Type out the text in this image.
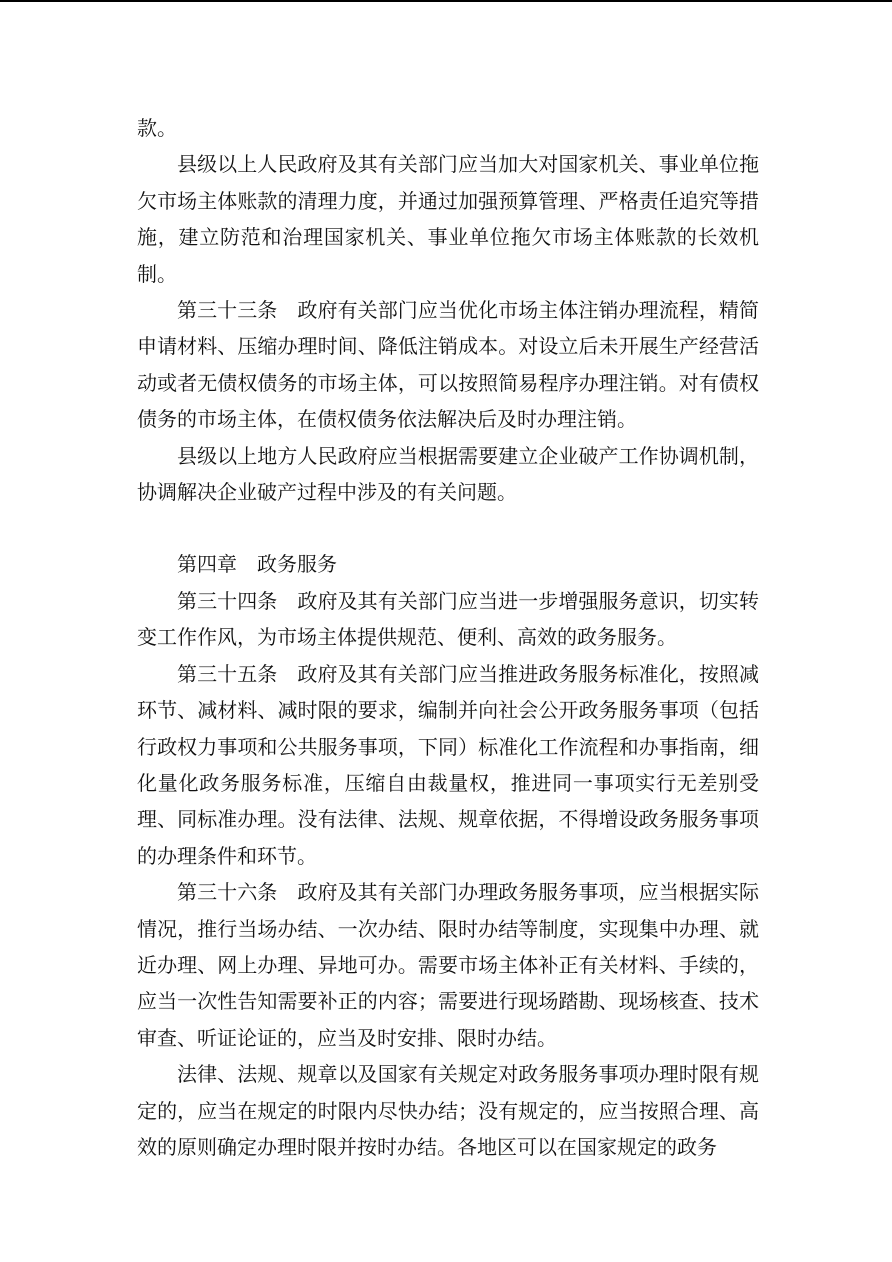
款。

县级以上人民政府及其有关部门应当加大对国家机关、事业单位拖欠市场主体账款的清理力度，并通过加强预算管理、严格责任追究等措施，建立防范和治理国家机关、事业单位拖欠市场主体账款的长效机制。

第三十三条　政府有关部门应当优化市场主体注销办理流程，精简申请材料、压缩办理时间、降低注销成本。对设立后未开展生产经营活动或者无债权债务的市场主体，可以按照简易程序办理注销。对有债权债务的市场主体，在债权债务依法解决后及时办理注销。

县级以上地方人民政府应当根据需要建立企业破产工作协调机制，协调解决企业破产过程中涉及的有关问题。

第四章　政务服务

第三十四条　政府及其有关部门应当进一步增强服务意识，切实转变工作作风，为市场主体提供规范、便利、高效的政务服务。

第三十五条　政府及其有关部门应当推进政务服务标准化，按照减环节、减材料、减时限的要求，编制并向社会公开政务服务事项（包括行政权力事项和公共服务事项，下同）标准化工作流程和办事指南，细化量化政务服务标准，压缩自由裁量权，推进同一事项实行无差别受理、同标准办理。没有法律、法规、规章依据，不得增设政务服务事项的办理条件和环节。

第三十六条　政府及其有关部门办理政务服务事项，应当根据实际情况，推行当场办结、一次办结、限时办结等制度，实现集中办理、就近办理、网上办理、异地可办。需要市场主体补正有关材料、手续的，应当一次性告知需要补正的内容；需要进行现场踏勘、现场核查、技术审查、听证论证的，应当及时安排、限时办结。

法律、法规、规章以及国家有关规定对政务服务事项办理时限有规定的，应当在规定的时限内尽快办结；没有规定的，应当按照合理、高效的原则确定办理时限并按时办结。各地区可以在国家规定的政务
